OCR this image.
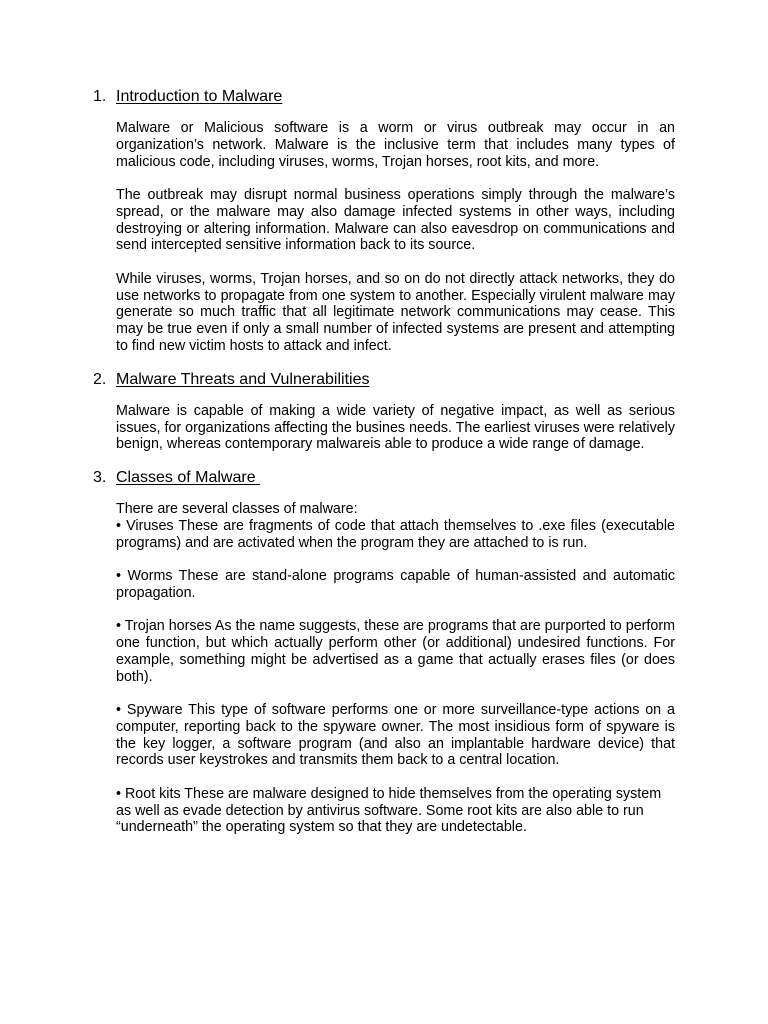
1. Introduction to Malware

Malware or Malicious software is a worm or virus outbreak may occur in an organization’s network. Malware is the inclusive term that includes many types of malicious code, including viruses, worms, Trojan horses, root kits, and more.

The outbreak may disrupt normal business operations simply through the malware’s spread, or the malware may also damage infected systems in other ways, including destroying or altering information. Malware can also eavesdrop on communications and send intercepted sensitive information back to its source.

While viruses, worms, Trojan horses, and so on do not directly attack networks, they do use networks to propagate from one system to another. Especially virulent malware may generate so much traffic that all legitimate network communications may cease. This may be true even if only a small number of infected systems are present and attempting to find new victim hosts to attack and infect.

2. Malware Threats and Vulnerabilities

Malware is capable of making a wide variety of negative impact, as well as serious issues, for organizations affecting the busines needs. The earliest viruses were relatively benign, whereas contemporary malwareis able to produce a wide range of damage.

3. Classes of Malware

There are several classes of malware:

• Viruses These are fragments of code that attach themselves to .exe files (executable programs) and are activated when the program they are attached to is run.

• Worms These are stand-alone programs capable of human-assisted and automatic propagation.

• Trojan horses As the name suggests, these are programs that are purported to perform one function, but which actually perform other (or additional) undesired functions. For example, something might be advertised as a game that actually erases files (or does both).

• Spyware This type of software performs one or more surveillance-type actions on a computer, reporting back to the spyware owner. The most insidious form of spyware is the key logger, a software program (and also an implantable hardware device) that records user keystrokes and transmits them back to a central location.

• Root kits These are malware designed to hide themselves from the operating system as well as evade detection by antivirus software. Some root kits are also able to run “underneath” the operating system so that they are undetectable.
